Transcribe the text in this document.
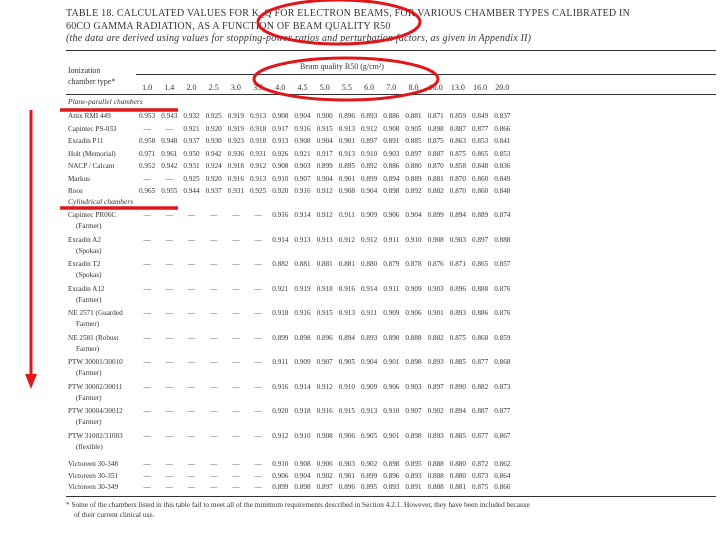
TABLE 18. CALCULATED VALUES FOR K_Q FOR ELECTRON BEAMS, FOR VARIOUS CHAMBER TYPES CALIBRATED IN
60CO GAMMA RADIATION, AS A FUNCTION OF BEAM QUALITY R50
(the data are derived using values for stopping-power ratios and perturbation factors, as given in Appendix II)
Ionization
chamber type*
Beam quality R50 (g/cm²)
1.0	1.4	2.0	2.5	3.0	3.5	4.0	4.5	5.0	5.5	6.0	7.0	8.0	10.0	13.0	16.0	20.0
Plane-parallel chambers
Attix RMI 449	0.953 0.943 0.932 0.925 0.919 0.913 0.908 0.904 0.900 0.896 0.893 0.886 0.881 0.871 0.859 0.849 0.837
Capintec PS-033	—	—	0.921 0.920 0.919 0.918 0.917 0.916 0.915 0.913 0.912 0.908 0.905 0.898 0.887 0.877 0.866
Exradin P11	0.958 0.948 0.937 0.930 0.923 0.918 0.913 0.908 0.904 0.901 0.897 0.891 0.885 0.875 0.863 0.853 0.841
Holt (Memorial)	0.971 0.961 0.950 0.942 0.936 0.931 0.926 0.921 0.917 0.913 0.910 0.903 0.897 0.887 0.875 0.865 0.853
NACP / Calcam	0.952 0.942 0.931 0.924 0.918 0.912 0.908 0.903 0.899 0.895 0.892 0.886 0.880 0.870 0.858 0.848 0.836
Markus	—	—	0.925 0.920 0.916 0.913 0.910 0.907 0.904 0.901 0.899 0.894 0.889 0.881 0.870 0.860 0.849
Roos	0.965 0.955 0.944 0.937 0.931 0.925 0.920 0.916 0.912 0.908 0.904 0.898 0.892 0.882 0.870 0.860 0.848
Cylindrical chambers
Capintec PR06C	—	—	—	—	—	—	0.916 0.914 0.912 0.911 0.909 0.906 0.904 0.899 0.894 0.889 0.874
(Farmer)
Exradin A2	—	—	—	—	—	—	0.914 0.913 0.913 0.912 0.912 0.911 0.910 0.908 0.903 0.897 0.888
(Spokas)
Exradin T2	—	—	—	—	—	—	0.882 0.881 0.881 0.881 0.880 0.879 0.878 0.876 0.871 0.865 0.857
(Spokas)
Exradin A12	—	—	—	—	—	—	0.921 0.919 0.918 0.916 0.914 0.911 0.909 0.903 0.896 0.888 0.876
(Farmer)
NE 2571 (Guarded	—	—	—	—	—	—	0.918 0.916 0.915 0.913 0.911 0.909 0.906 0.901 0.893 0.886 0.876
Farmer)
NE 2581 (Robust	—	—	—	—	—	—	0.899 0.898 0.896 0.894 0.893 0.890 0.888 0.882 0.875 0.868 0.859
Farmer)
PTW 30001/30010	—	—	—	—	—	—	0.911 0.909 0.907 0.905 0.904 0.901 0.898 0.893 0.885 0.877 0.868
(Farmer)
PTW 30002/30011	—	—	—	—	—	—	0.916 0.914 0.912 0.910 0.909 0.906 0.903 0.897 0.890 0.882 0.873
(Farmer)
PTW 30004/30012	—	—	—	—	—	—	0.920 0.918 0.916 0.915 0.913 0.910 0.907 0.902 0.894 0.887 0.877
(Farmer)
PTW 31002/31003	—	—	—	—	—	—	0.912 0.910 0.908 0.906 0.905 0.901 0.898 0.893 0.885 0.877 0.867
(flexible)
Victoreen 30-348	—	—	—	—	—	—	0.910 0.908 0.906 0.903 0.902 0.898 0.895 0.888 0.880 0.872 0.862
Victoreen 30-351	—	—	—	—	—	—	0.906 0.904 0.902 0.901 0.899 0.896 0.893 0.888 0.880 0.873 0.864
Victoreen 30-349	—	—	—	—	—	—	0.899 0.898 0.897 0.896 0.895 0.893 0.891 0.888 0.881 0.875 0.866
* Some of the chambers listed in this table fail to meet all of the minimum requirements described in Section 4.2.1. However, they have been included because
of their current clinical use.
